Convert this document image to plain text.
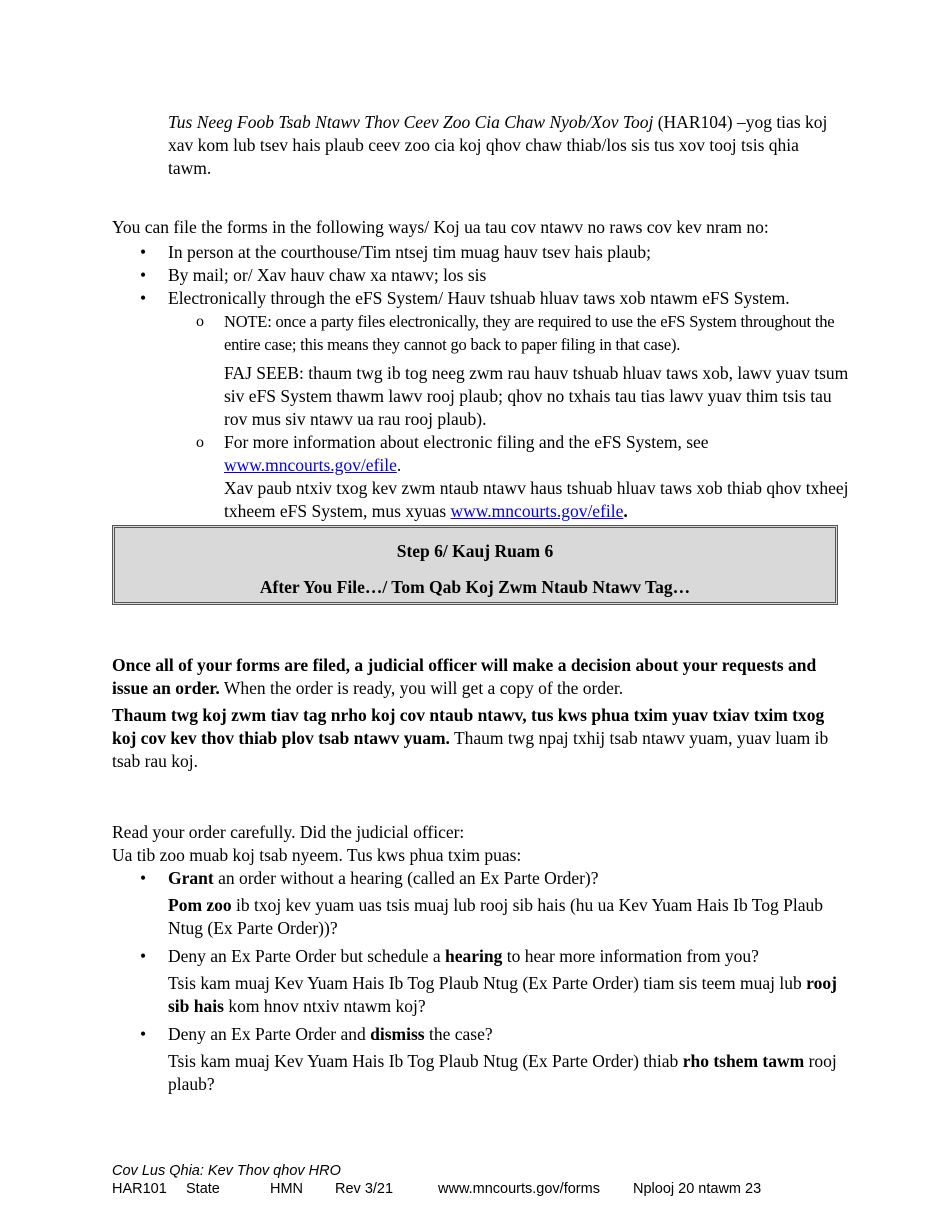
Tus Neeg Foob Tsab Ntawv Thov Ceev Zoo Cia Chaw Nyob/Xov Tooj (HAR104) –yog tias koj xav kom lub tsev hais plaub ceev zoo cia koj qhov chaw thiab/los sis tus xov tooj tsis qhia tawm.
You can file the forms in the following ways/ Koj ua tau cov ntawv no raws cov kev nram no:
• In person at the courthouse/Tim ntsej tim muag hauv tsev hais plaub;
• By mail; or/ Xav hauv chaw xa ntawv; los sis
• Electronically through the eFS System/ Hauv tshuab hluav taws xob ntawm eFS System.
o NOTE: once a party files electronically, they are required to use the eFS System throughout the entire case; this means they cannot go back to paper filing in that case).
FAJ SEEB: thaum twg ib tog neeg zwm rau hauv tshuab hluav taws xob, lawv yuav tsum siv eFS System thawm lawv rooj plaub; qhov no txhais tau tias lawv yuav thim tsis tau rov mus siv ntawv ua rau rooj plaub).
o For more information about electronic filing and the eFS System, see
www.mncourts.gov/efile.
Xav paub ntxiv txog kev zwm ntaub ntawv haus tshuab hluav taws xob thiab qhov txheej txheem eFS System, mus xyuas www.mncourts.gov/efile.
Step 6/ Kauj Ruam 6
After You File…/ Tom Qab Koj Zwm Ntaub Ntawv Tag…
Once all of your forms are filed, a judicial officer will make a decision about your requests and issue an order. When the order is ready, you will get a copy of the order.
Thaum twg koj zwm tiav tag nrho koj cov ntaub ntawv, tus kws phua txim yuav txiav txim txog koj cov kev thov thiab plov tsab ntawv yuam. Thaum twg npaj txhij tsab ntawv yuam, yuav luam ib tsab rau koj.
Read your order carefully. Did the judicial officer:
Ua tib zoo muab koj tsab nyeem. Tus kws phua txim puas:
• Grant an order without a hearing (called an Ex Parte Order)?
Pom zoo ib txoj kev yuam uas tsis muaj lub rooj sib hais (hu ua Kev Yuam Hais Ib Tog Plaub Ntug (Ex Parte Order))?
• Deny an Ex Parte Order but schedule a hearing to hear more information from you?
Tsis kam muaj Kev Yuam Hais Ib Tog Plaub Ntug (Ex Parte Order) tiam sis teem muaj lub rooj sib hais kom hnov ntxiv ntawm koj?
• Deny an Ex Parte Order and dismiss the case?
Tsis kam muaj Kev Yuam Hais Ib Tog Plaub Ntug (Ex Parte Order) thiab rho tshem tawm rooj plaub?
Cov Lus Qhia: Kev Thov qhov HRO
HAR101 State	HMN Rev 3/21	www.mncourts.gov/forms Nplooj 20 ntawm 23
